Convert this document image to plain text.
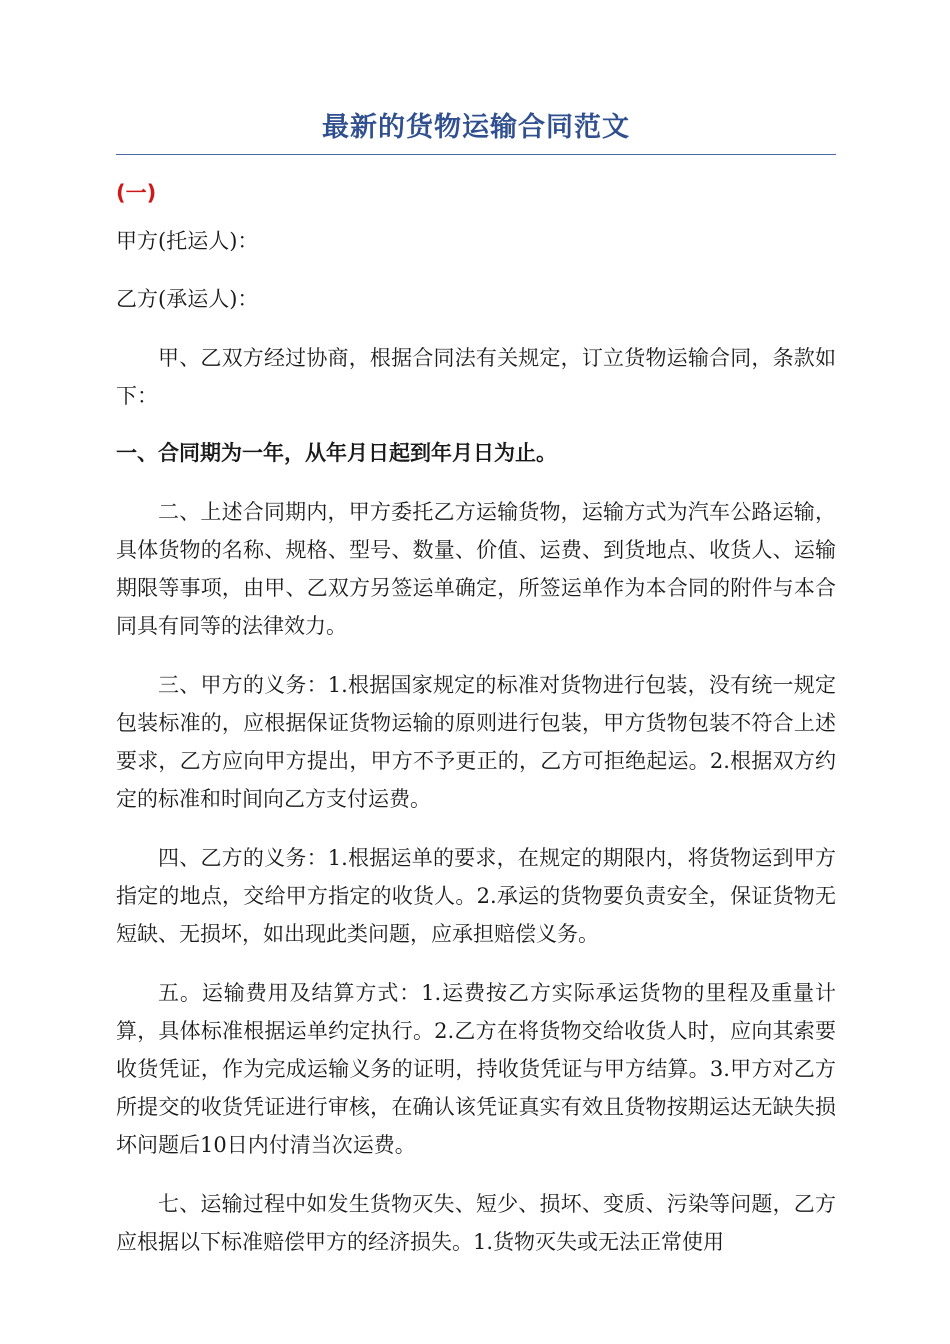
最新的货物运输合同范文
(一)
甲方(托运人)：
乙方(承运人)：

甲、乙双方经过协商，根据合同法有关规定，订立货物运输合同，条款如下：

一、合同期为一年，从年月日起到年月日为止。

二、上述合同期内，甲方委托乙方运输货物，运输方式为汽车公路运输，具体货物的名称、规格、型号、数量、价值、运费、到货地点、收货人、运输期限等事项，由甲、乙双方另签运单确定，所签运单作为本合同的附件与本合同具有同等的法律效力。

三、甲方的义务：1.根据国家规定的标准对货物进行包装，没有统一规定包装标准的，应根据保证货物运输的原则进行包装，甲方货物包装不符合上述要求，乙方应向甲方提出，甲方不予更正的，乙方可拒绝起运。2.根据双方约定的标准和时间向乙方支付运费。

四、乙方的义务：1.根据运单的要求，在规定的期限内，将货物运到甲方指定的地点，交给甲方指定的收货人。2.承运的货物要负责安全，保证货物无短缺、无损坏，如出现此类问题，应承担赔偿义务。

五。运输费用及结算方式：1.运费按乙方实际承运货物的里程及重量计算，具体标准根据运单约定执行。2.乙方在将货物交给收货人时，应向其索要收货凭证，作为完成运输义务的证明，持收货凭证与甲方结算。3.甲方对乙方所提交的收货凭证进行审核，在确认该凭证真实有效且货物按期运达无缺失损坏问题后10日内付清当次运费。

七、运输过程中如发生货物灭失、短少、损坏、变质、污染等问题，乙方应根据以下标准赔偿甲方的经济损失。1.货物灭失或无法正常使用
